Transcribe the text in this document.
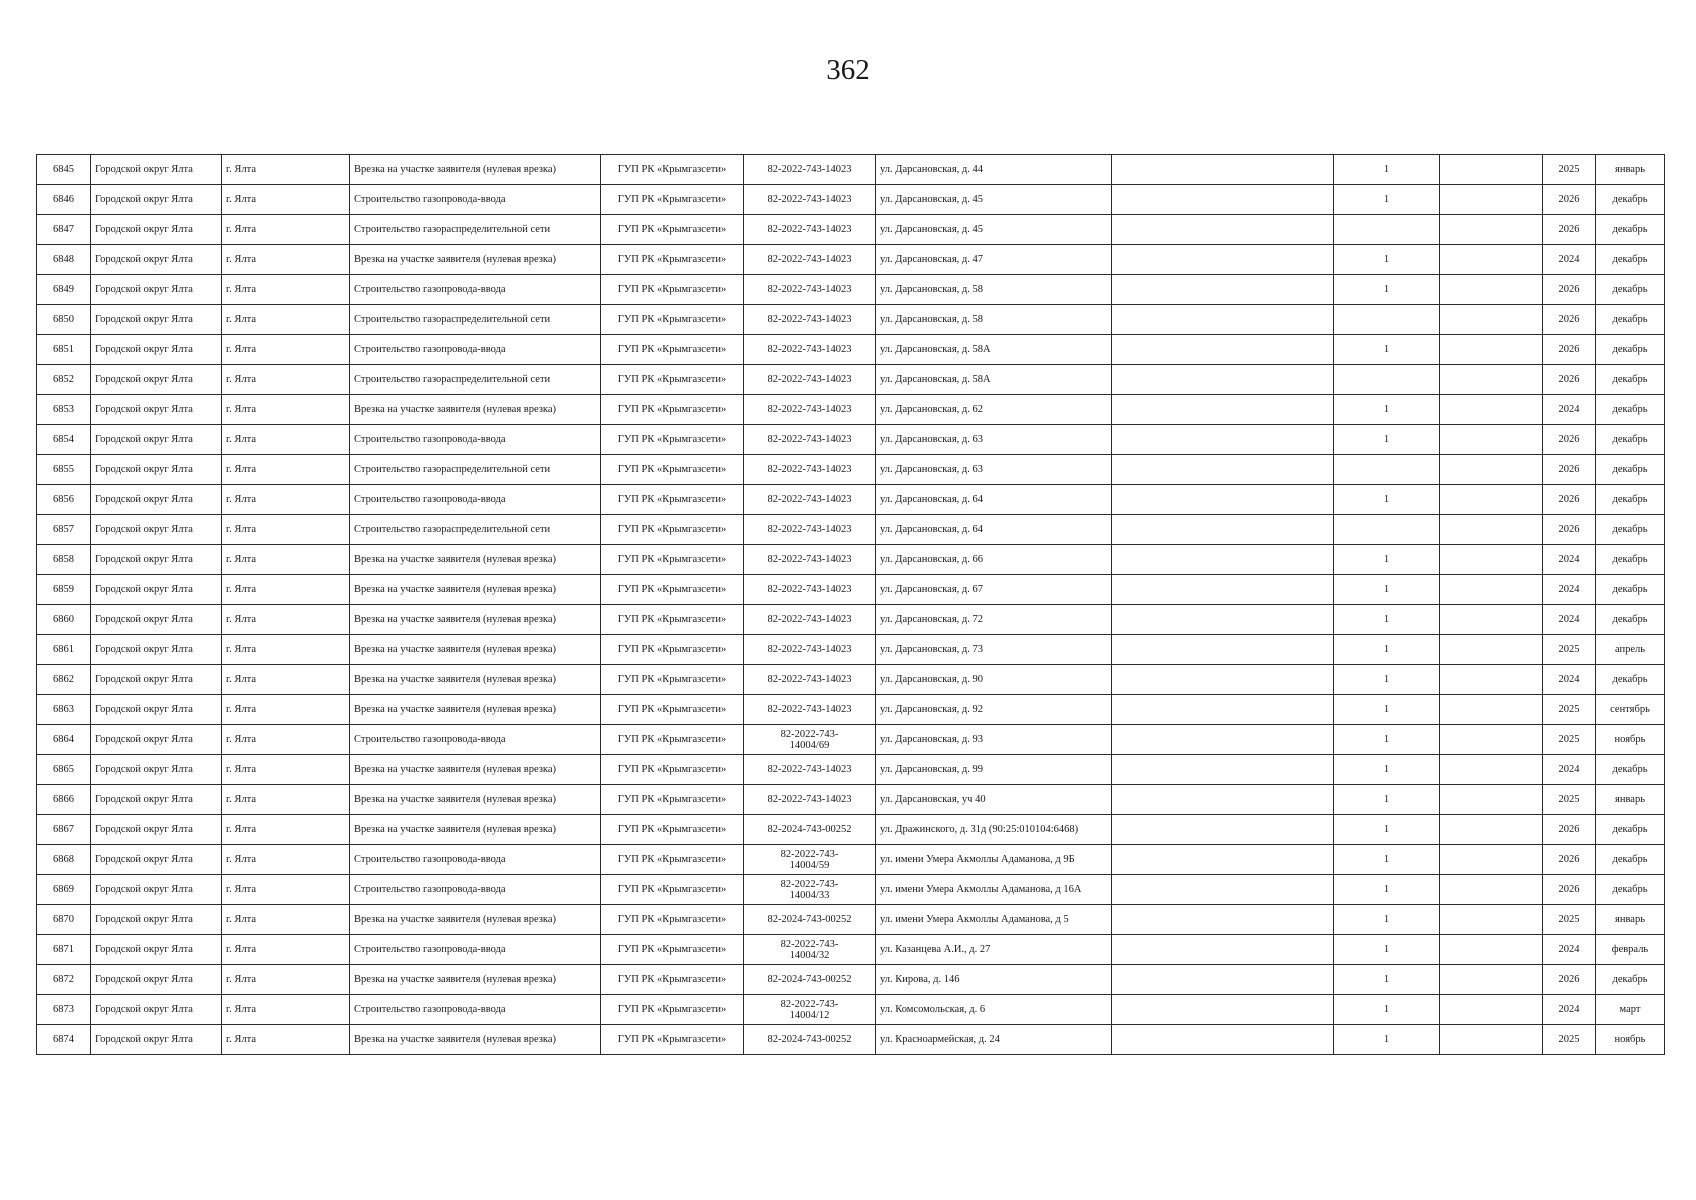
362
6845	Городской округ Ялта	г. Ялта	Врезка на участке заявителя (нулевая врезка)	ГУП РК «Крымгазсети»	82-2022-743-14023	ул. Дарсановская, д. 44		1		2025	январь
6846	Городской округ Ялта	г. Ялта	Строительство газопровода-ввода	ГУП РК «Крымгазсети»	82-2022-743-14023	ул. Дарсановская, д. 45		1		2026	декабрь
6847	Городской округ Ялта	г. Ялта	Строительство газораспределительной сети	ГУП РК «Крымгазсети»	82-2022-743-14023	ул. Дарсановская, д. 45				2026	декабрь
6848	Городской округ Ялта	г. Ялта	Врезка на участке заявителя (нулевая врезка)	ГУП РК «Крымгазсети»	82-2022-743-14023	ул. Дарсановская, д. 47		1		2024	декабрь
6849	Городской округ Ялта	г. Ялта	Строительство газопровода-ввода	ГУП РК «Крымгазсети»	82-2022-743-14023	ул. Дарсановская, д. 58		1		2026	декабрь
6850	Городской округ Ялта	г. Ялта	Строительство газораспределительной сети	ГУП РК «Крымгазсети»	82-2022-743-14023	ул. Дарсановская, д. 58				2026	декабрь
6851	Городской округ Ялта	г. Ялта	Строительство газопровода-ввода	ГУП РК «Крымгазсети»	82-2022-743-14023	ул. Дарсановская, д. 58А		1		2026	декабрь
6852	Городской округ Ялта	г. Ялта	Строительство газораспределительной сети	ГУП РК «Крымгазсети»	82-2022-743-14023	ул. Дарсановская, д. 58А				2026	декабрь
6853	Городской округ Ялта	г. Ялта	Врезка на участке заявителя (нулевая врезка)	ГУП РК «Крымгазсети»	82-2022-743-14023	ул. Дарсановская, д. 62		1		2024	декабрь
6854	Городской округ Ялта	г. Ялта	Строительство газопровода-ввода	ГУП РК «Крымгазсети»	82-2022-743-14023	ул. Дарсановская, д. 63		1		2026	декабрь
6855	Городской округ Ялта	г. Ялта	Строительство газораспределительной сети	ГУП РК «Крымгазсети»	82-2022-743-14023	ул. Дарсановская, д. 63				2026	декабрь
6856	Городской округ Ялта	г. Ялта	Строительство газопровода-ввода	ГУП РК «Крымгазсети»	82-2022-743-14023	ул. Дарсановская, д. 64		1		2026	декабрь
6857	Городской округ Ялта	г. Ялта	Строительство газораспределительной сети	ГУП РК «Крымгазсети»	82-2022-743-14023	ул. Дарсановская, д. 64				2026	декабрь
6858	Городской округ Ялта	г. Ялта	Врезка на участке заявителя (нулевая врезка)	ГУП РК «Крымгазсети»	82-2022-743-14023	ул. Дарсановская, д. 66		1		2024	декабрь
6859	Городской округ Ялта	г. Ялта	Врезка на участке заявителя (нулевая врезка)	ГУП РК «Крымгазсети»	82-2022-743-14023	ул. Дарсановская, д. 67		1		2024	декабрь
6860	Городской округ Ялта	г. Ялта	Врезка на участке заявителя (нулевая врезка)	ГУП РК «Крымгазсети»	82-2022-743-14023	ул. Дарсановская, д. 72		1		2024	декабрь
6861	Городской округ Ялта	г. Ялта	Врезка на участке заявителя (нулевая врезка)	ГУП РК «Крымгазсети»	82-2022-743-14023	ул. Дарсановская, д. 73		1		2025	апрель
6862	Городской округ Ялта	г. Ялта	Врезка на участке заявителя (нулевая врезка)	ГУП РК «Крымгазсети»	82-2022-743-14023	ул. Дарсановская, д. 90		1		2024	декабрь
6863	Городской округ Ялта	г. Ялта	Врезка на участке заявителя (нулевая врезка)	ГУП РК «Крымгазсети»	82-2022-743-14023	ул. Дарсановская, д. 92		1		2025	сентябрь
6864	Городской округ Ялта	г. Ялта	Строительство газопровода-ввода	ГУП РК «Крымгазсети»	82-2022-743-
14004/69	ул. Дарсановская, д. 93		1		2025	ноябрь
6865	Городской округ Ялта	г. Ялта	Врезка на участке заявителя (нулевая врезка)	ГУП РК «Крымгазсети»	82-2022-743-14023	ул. Дарсановская, д. 99		1		2024	декабрь
6866	Городской округ Ялта	г. Ялта	Врезка на участке заявителя (нулевая врезка)	ГУП РК «Крымгазсети»	82-2022-743-14023	ул. Дарсановская, уч 40		1		2025	январь
6867	Городской округ Ялта	г. Ялта	Врезка на участке заявителя (нулевая врезка)	ГУП РК «Крымгазсети»	82-2024-743-00252	ул. Дражинского, д. 31д (90:25:010104:6468)		1		2026	декабрь
6868	Городской округ Ялта	г. Ялта	Строительство газопровода-ввода	ГУП РК «Крымгазсети»	82-2022-743-
14004/59	ул. имени Умера Акмоллы Адаманова, д 9Б		1		2026	декабрь
6869	Городской округ Ялта	г. Ялта	Строительство газопровода-ввода	ГУП РК «Крымгазсети»	82-2022-743-
14004/33	ул. имени Умера Акмоллы Адаманова, д 16А		1		2026	декабрь
6870	Городской округ Ялта	г. Ялта	Врезка на участке заявителя (нулевая врезка)	ГУП РК «Крымгазсети»	82-2024-743-00252	ул. имени Умера Акмоллы Адаманова, д 5		1		2025	январь
6871	Городской округ Ялта	г. Ялта	Строительство газопровода-ввода	ГУП РК «Крымгазсети»	82-2022-743-
14004/32	ул. Казанцева А.И., д. 27		1		2024	февраль
6872	Городской округ Ялта	г. Ялта	Врезка на участке заявителя (нулевая врезка)	ГУП РК «Крымгазсети»	82-2024-743-00252	ул. Кирова, д. 146		1		2026	декабрь
6873	Городской округ Ялта	г. Ялта	Строительство газопровода-ввода	ГУП РК «Крымгазсети»	82-2022-743-
14004/12	ул. Комсомольская, д. 6		1		2024	март
6874	Городской округ Ялта	г. Ялта	Врезка на участке заявителя (нулевая врезка)	ГУП РК «Крымгазсети»	82-2024-743-00252	ул. Красноармейская, д. 24		1		2025	ноябрь
